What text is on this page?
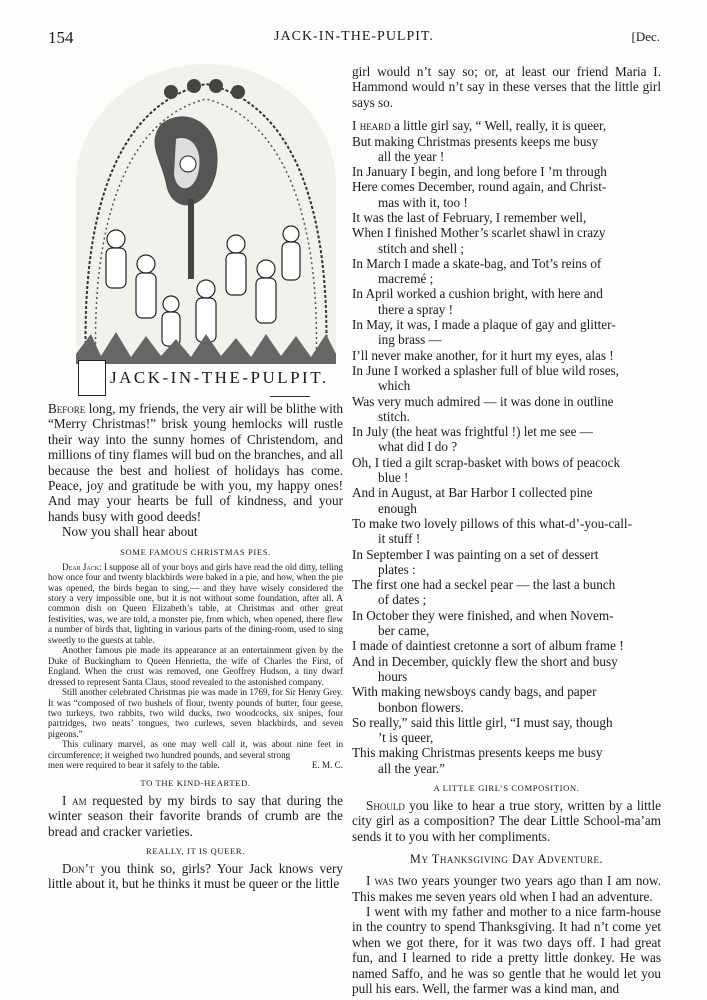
154	JACK-IN-THE-PULPIT.	[Dec.
JACK-IN-THE-PULPIT.

Before long, my friends, the very air will be blithe with “Merry Christmas!” brisk young hemlocks will rustle their way into the sunny homes of Christendom, and millions of tiny flames will bud on the branches, and all because the best and holiest of holidays has come. Peace, joy and gratitude be with you, my happy ones! And may your hearts be full of kindness, and your hands busy with good deeds!

Now you shall hear about

SOME FAMOUS CHRISTMAS PIES.

Dear Jack: I suppose all of your boys and girls have read the old ditty, telling how once four and twenty blackbirds were baked in a pie, and how, when the pie was opened, the birds began to sing,— and they have wisely considered the story a very impossible one, but it is not without some foundation, after all. A common dish on Queen Elizabeth’s table, at Christmas and other great festivities, was, we are told, a monster pie, from which, when opened, there flew a number of birds that, lighting in various parts of the dining-room, used to sing sweetly to the guests at table.

Another famous pie made its appearance at an entertainment given by the Duke of Buckingham to Queen Henrietta, the wife of Charles the First, of England. When the crust was removed, one Geoffrey Hudson, a tiny dwarf dressed to represent Santa Claus, stood revealed to the astonished company.

Still another celebrated Christmas pie was made in 1769, for Sir Henry Grey. It was “composed of two bushels of flour, twenty pounds of butter, four geese, two turkeys, two rabbits, two wild ducks, two woodcocks, six snipes, four partridges, two neats’ tongues, two curlews, seven blackbirds, and seven pigeons.”

This culinary marvel, as one may well call it, was about nine feet in circumference; it weighed two hundred pounds, and several strong

men were required to bear it safely to the table.	E. M. C.
TO THE KIND-HEARTED.

I am requested by my birds to say that during the winter season their favorite brands of crumb are the bread and cracker varieties.

REALLY, IT IS QUEER.

Don’t you think so, girls? Your Jack knows very little about it, but he thinks it must be queer or the little

girl would n’t say so; or, at least our friend Maria I. Hammond would n’t say in these verses that the little girl says so.

I heard a little girl say, “ Well, really, it is queer,
But making Christmas presents keeps me busy
all the year !
In January I begin, and long before I ’m through
Here comes December, round again, and Christ-
mas with it, too !
It was the last of February, I remember well,
When I finished Mother’s scarlet shawl in crazy
stitch and shell ;
In March I made a skate-bag, and Tot’s reins of
macremé ;
In April worked a cushion bright, with here and
there a spray !
In May, it was, I made a plaque of gay and glitter-
ing brass —
I’ll never make another, for it hurt my eyes, alas !
In June I worked a splasher full of blue wild roses,
which
Was very much admired — it was done in outline
stitch.
In July (the heat was frightful !) let me see —
what did I do ?
Oh, I tied a gilt scrap-basket with bows of peacock
blue !
And in August, at Bar Harbor I collected pine
enough
To make two lovely pillows of this what-d’-you-call-
it stuff !
In September I was painting on a set of dessert
plates :
The first one had a seckel pear — the last a bunch
of dates ;
In October they were finished, and when Novem-
ber came,
I made of daintiest cretonne a sort of album frame !
And in December, quickly flew the short and busy
hours
With making newsboys candy bags, and paper
bonbon flowers.
So really,” said this little girl, “I must say, though
’t is queer,
This making Christmas presents keeps me busy
all the year.”
A LITTLE GIRL’S COMPOSITION.

Should you like to hear a true story, written by a little city girl as a composition? The dear Little School-ma’am sends it to you with her compliments.

My Thanksgiving Day Adventure.

I was two years younger two years ago than I am now. This makes me seven years old when I had an adventure.

I went with my father and mother to a nice farm-house in the country to spend Thanksgiving. It had n’t come yet when we got there, for it was two days off. I had great fun, and I learned to ride a pretty little donkey. He was named Saffo, and he was so gentle that he would let you pull his ears. Well, the farmer was a kind man, and
